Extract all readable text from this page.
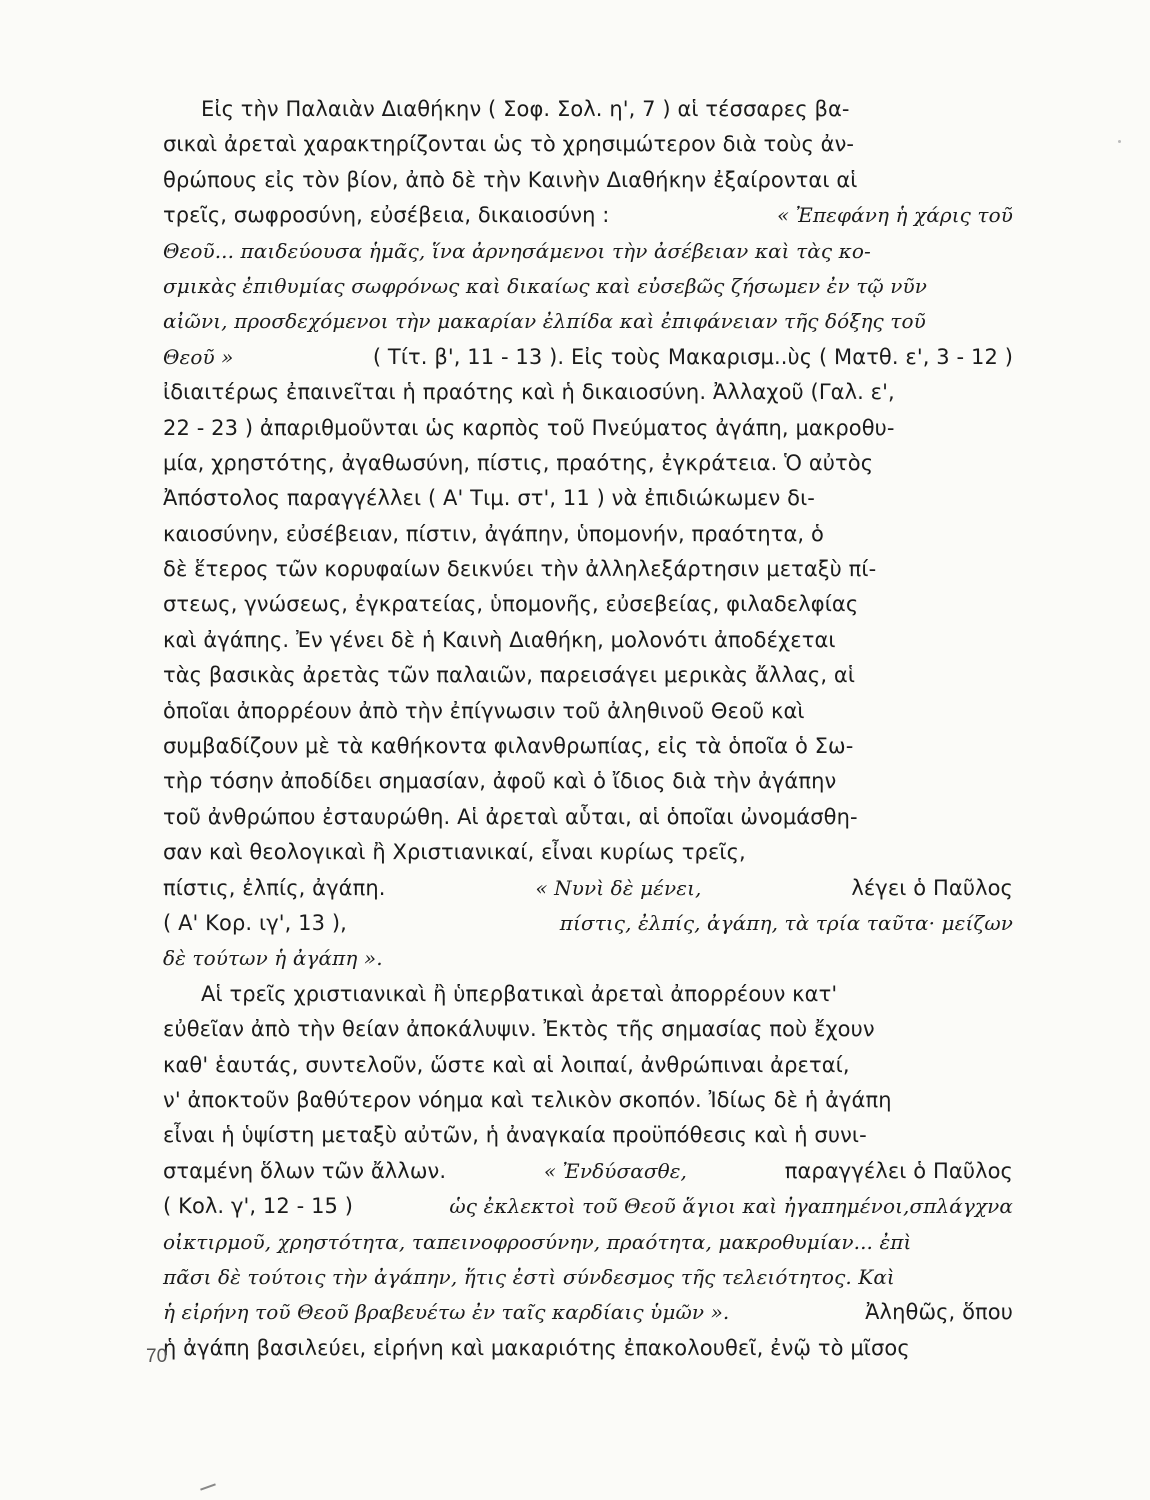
Εἰς τὴν Παλαιὰν Διαθήκην ( Σοφ. Σολ. η', 7 ) αἱ τέσσαρες βα-
σικαὶ ἀρεταὶ χαρακτηρίζονται ὡς τὸ χρησιμώτερον διὰ τοὺς ἀν-
θρώπους εἰς τὸν βίον, ἀπὸ δὲ τὴν Καινὴν Διαθήκην ἐξαίρονται αἱ
τρεῖς, σωφροσύνη, εὐσέβεια, δικαιοσύνη :	« Ἐπεφάνη ἡ χάρις τοῦ
Θεοῦ... παιδεύουσα ἡμᾶς, ἵνα ἀρνησάμενοι τὴν ἀσέβειαν καὶ τὰς κο-
σμικὰς ἐπιθυμίας σωφρόνως καὶ δικαίως καὶ εὐσεβῶς ζήσωμεν ἐν τῷ νῦν
αἰῶνι, προσδεχόμενοι τὴν μακαρίαν ἐλπίδα καὶ ἐπιφάνειαν τῆς δόξης τοῦ
Θεοῦ »	( Τίτ. β', 11 - 13 ). Εἰς τοὺς Μακαρισμ..ὺς ( Ματθ. ε', 3 - 12 )
ἰδιαιτέρως ἐπαινεῖται ἡ πραότης καὶ ἡ δικαιοσύνη. Ἀλλαχοῦ (Γαλ. ε',
22 - 23 ) ἀπαριθμοῦνται ὡς καρπὸς τοῦ Πνεύματος ἀγάπη, μακροθυ-
μία, χρηστότης, ἀγαθωσύνη, πίστις, πραότης, ἐγκράτεια. Ὁ αὐτὸς
Ἀπόστολος παραγγέλλει ( Α' Τιμ. στ', 11 ) νὰ ἐπιδιώκωμεν δι-
καιοσύνην, εὐσέβειαν, πίστιν, ἀγάπην, ὑπομονήν, πραότητα, ὁ
δὲ ἕτερος τῶν κορυφαίων δεικνύει τὴν ἀλληλεξάρτησιν μεταξὺ πί-
στεως, γνώσεως, ἐγκρατείας, ὑπομονῆς, εὐσεβείας, φιλαδελφίας
καὶ ἀγάπης. Ἐν γένει δὲ ἡ Καινὴ Διαθήκη, μολονότι ἀποδέχεται
τὰς βασικὰς ἀρετὰς τῶν παλαιῶν, παρεισάγει μερικὰς ἄλλας, αἱ
ὁποῖαι ἀπορρέουν ἀπὸ τὴν ἐπίγνωσιν τοῦ ἀληθινοῦ Θεοῦ καὶ
συμβαδίζουν μὲ τὰ καθήκοντα φιλανθρωπίας, εἰς τὰ ὁποῖα ὁ Σω-
τὴρ τόσην ἀποδίδει σημασίαν, ἀφοῦ καὶ ὁ ἴδιος διὰ τὴν ἀγάπην
τοῦ ἀνθρώπου ἐσταυρώθη. Αἱ ἀρεταὶ αὗται, αἱ ὁποῖαι ὠνομάσθη-
σαν καὶ θεολογικαὶ ἢ Χριστιανικαί, εἶναι κυρίως τρεῖς,
πίστις, ἐλπίς, ἀγάπη.	« Νυνὶ δὲ μένει,	λέγει ὁ Παῦλος
( Α' Κορ. ιγ', 13 ),	πίστις, ἐλπίς, ἀγάπη, τὰ τρία ταῦτα· μείζων
δὲ τούτων ἡ ἀγάπη ».
Αἱ τρεῖς χριστιανικαὶ ἢ ὑπερβατικαὶ ἀρεταὶ ἀπορρέουν κατ'
εὐθεῖαν ἀπὸ τὴν θείαν ἀποκάλυψιν. Ἐκτὸς τῆς σημασίας ποὺ ἔχουν
καθ' ἑαυτάς, συντελοῦν, ὥστε καὶ αἱ λοιπαί, ἀνθρώπιναι ἀρεταί,
ν' ἀποκτοῦν βαθύτερον νόημα καὶ τελικὸν σκοπόν. Ἰδίως δὲ ἡ ἀγάπη
εἶναι ἡ ὑψίστη μεταξὺ αὐτῶν, ἡ ἀναγκαία προϋπόθεσις καὶ ἡ συνι-
σταμένη ὅλων τῶν ἄλλων.	« Ἐνδύσασθε,	παραγγέλει ὁ Παῦλος
( Κολ. γ', 12 - 15 )	ὡς ἐκλεκτοὶ τοῦ Θεοῦ ἅγιοι καὶ ἠγαπημένοι,σπλάγχνα
οἰκτιρμοῦ, χρηστότητα, ταπεινοφροσύνην, πραότητα, μακροθυμίαν... ἐπὶ
πᾶσι δὲ τούτοις τὴν ἀγάπην, ἥτις ἐστὶ σύνδεσμος τῆς τελειότητος. Καὶ
ἡ εἰρήνη τοῦ Θεοῦ βραβευέτω ἐν ταῖς καρδίαις ὑμῶν ».	Ἀληθῶς, ὅπου
ἡ ἀγάπη βασιλεύει, εἰρήνη καὶ μακαριότης ἐπακολουθεῖ, ἐνῷ τὸ μῖσος
70
